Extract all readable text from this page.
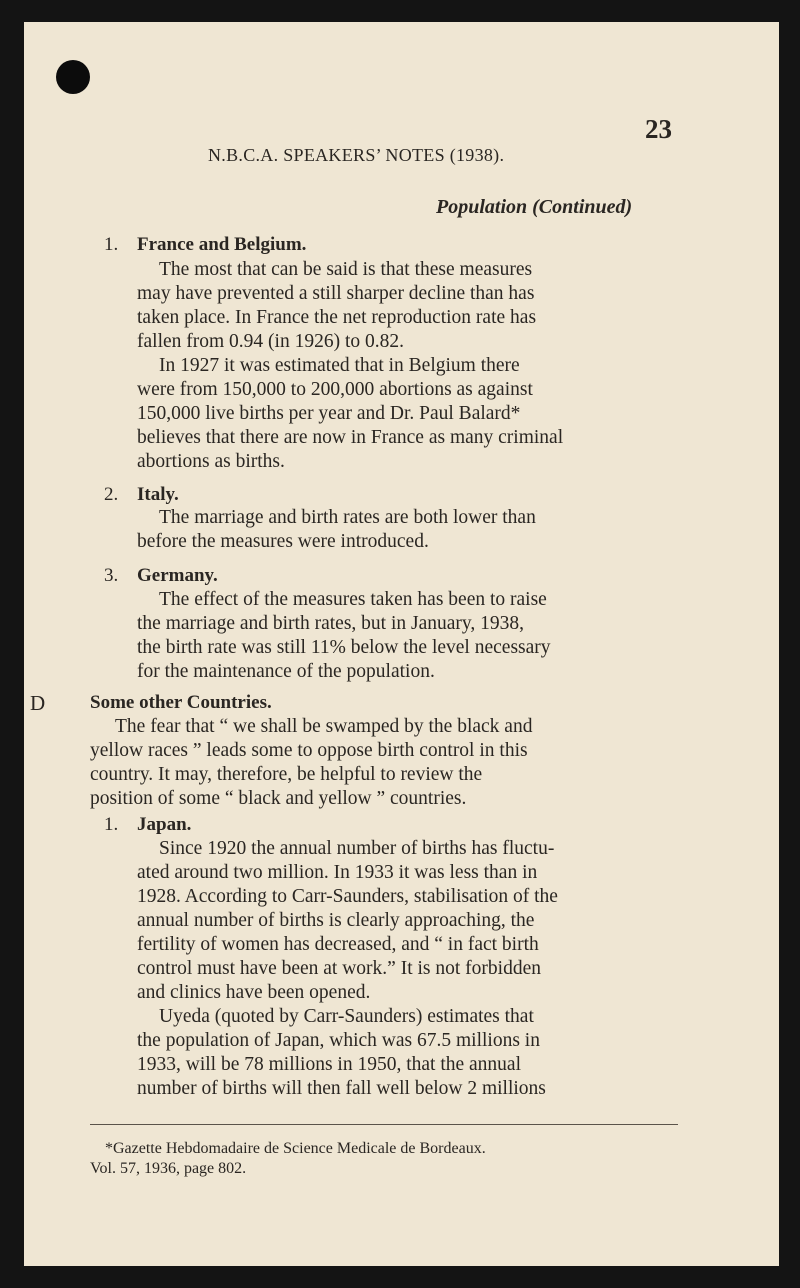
23
N.B.C.A. SPEAKERS’ NOTES (1938).
Population (Continued)
1. France and Belgium.
The most that can be said is that these measures
may have prevented a still sharper decline than has
taken place. In France the net reproduction rate has
fallen from 0.94 (in 1926) to 0.82.
In 1927 it was estimated that in Belgium there
were from 150,000 to 200,000 abortions as against
150,000 live births per year and Dr. Paul Balard*
believes that there are now in France as many criminal
abortions as births.
2. Italy.
The marriage and birth rates are both lower than
before the measures were introduced.
3. Germany.
The effect of the measures taken has been to raise
the marriage and birth rates, but in January, 1938,
the birth rate was still 11% below the level necessary
for the maintenance of the population.
D Some other Countries.
The fear that “ we shall be swamped by the black and
yellow races ” leads some to oppose birth control in this
country. It may, therefore, be helpful to review the
position of some “ black and yellow ” countries.
1. Japan.
Since 1920 the annual number of births has fluctu-
ated around two million. In 1933 it was less than in
1928. According to Carr-Saunders, stabilisation of the
annual number of births is clearly approaching, the
fertility of women has decreased, and “ in fact birth
control must have been at work.” It is not forbidden
and clinics have been opened.
Uyeda (quoted by Carr-Saunders) estimates that
the population of Japan, which was 67.5 millions in
1933, will be 78 millions in 1950, that the annual
number of births will then fall well below 2 millions
*Gazette Hebdomadaire de Science Medicale de Bordeaux.
Vol. 57, 1936, page 802.
